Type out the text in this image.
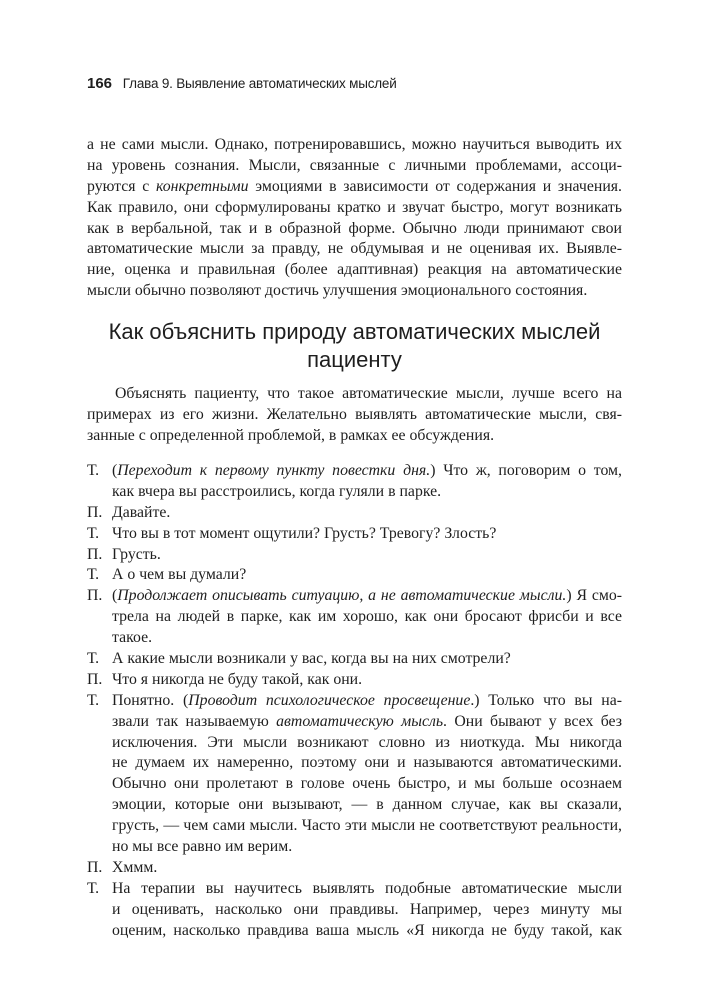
166 Глава 9. Выявление автоматических мыслей
а не сами мысли. Однако, потренировавшись, можно научиться выводить их
на уровень сознания. Мысли, связанные с личными проблемами, ассоци-
руются с конкретными эмоциями в зависимости от содержания и значения.
Как правило, они сформулированы кратко и звучат быстро, могут возникать
как в вербальной, так и в образной форме. Обычно люди принимают свои
автоматические мысли за правду, не обдумывая и не оценивая их. Выявле-
ние, оценка и правильная (более адаптивная) реакция на автоматические
мысли обычно позволяют достичь улучшения эмоционального состояния.
Как объяснить природу автоматических мыслей
пациенту
Объяснять пациенту, что такое автоматические мысли, лучше всего на
примерах из его жизни. Желательно выявлять автоматические мысли, свя-
занные с определенной проблемой, в рамках ее обсуждения.
Т. (Переходит к первому пункту повестки дня.) Что ж, поговорим о том,
как вчера вы расстроились, когда гуляли в парке.
П. Давайте.
Т. Что вы в тот момент ощутили? Грусть? Тревогу? Злость?
П. Грусть.
Т. А о чем вы думали?
П. (Продолжает описывать ситуацию, а не автоматические мысли.) Я смо-
трела на людей в парке, как им хорошо, как они бросают фрисби и все
такое.
Т. А какие мысли возникали у вас, когда вы на них смотрели?
П. Что я никогда не буду такой, как они.
Т. Понятно. (Проводит психологическое просвещение.) Только что вы на-
звали так называемую автоматическую мысль. Они бывают у всех без
исключения. Эти мысли возникают словно из ниоткуда. Мы никогда
не думаем их намеренно, поэтому они и называются автоматическими.
Обычно они пролетают в голове очень быстро, и мы больше осознаем
эмоции, которые они вызывают, — в данном случае, как вы сказали,
грусть, — чем сами мысли. Часто эти мысли не соответствуют реальности,
но мы все равно им верим.
П. Хммм.
Т. На терапии вы научитесь выявлять подобные автоматические мысли
и оценивать, насколько они правдивы. Например, через минуту мы
оценим, насколько правдива ваша мысль «Я никогда не буду такой, как
